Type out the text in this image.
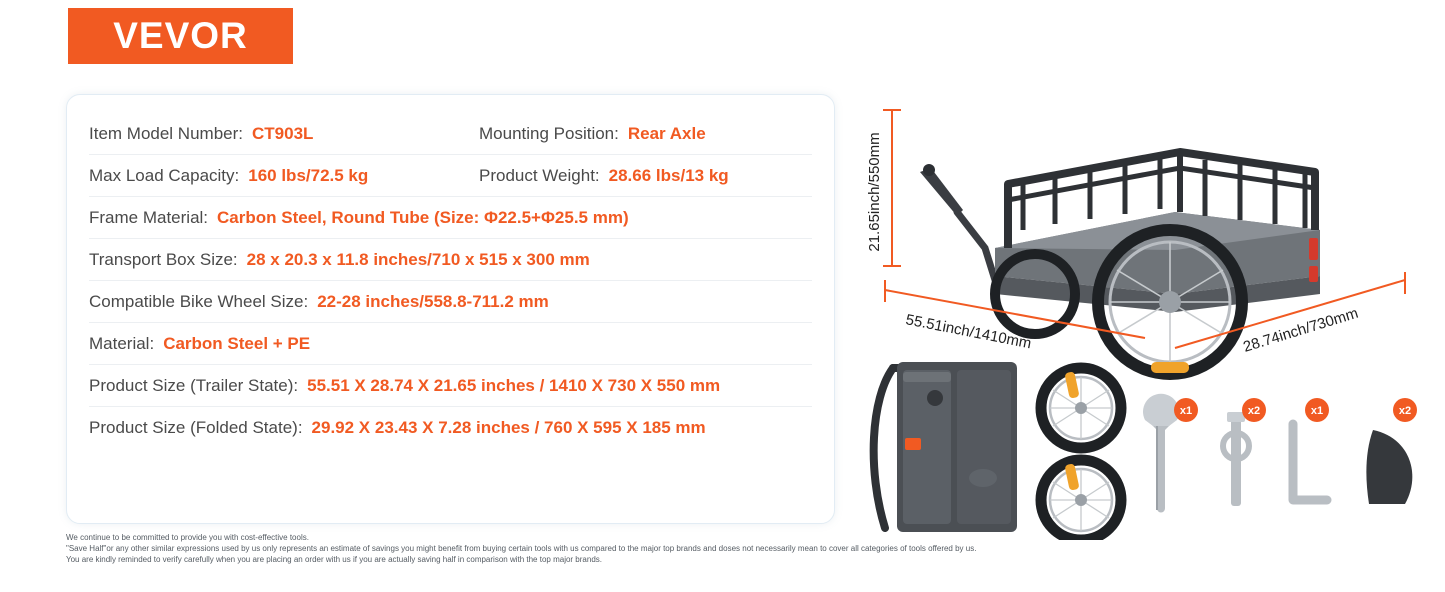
VEVOR
Item Model Number: CT903L	Mounting Position: Rear Axle
Max Load Capacity: 160 lbs/72.5 kg	Product Weight: 28.66 lbs/13 kg
Frame Material: Carbon Steel, Round Tube (Size: Φ22.5+Φ25.5 mm)
Transport Box Size: 28 x 20.3 x 11.8 inches/710 x 515 x 300 mm
Compatible Bike Wheel Size: 22-28 inches/558.8-711.2 mm
Material: Carbon Steel + PE
Product Size (Trailer State): 55.51 X 28.74 X 21.65 inches / 1410 X 730 X 550 mm
Product Size (Folded State): 29.92 X 23.43 X 7.28 inches / 760 X 595 X 185 mm
We continue to be committed to provide you with cost-effective tools.
"Save Half"or any other similar expressions used by us only represents an estimate of savings you might benefit from buying certain tools with us compared to the major top brands and doses not necessarily mean to cover all categories of tools offered by us.
You are kindly reminded to verify carefully when you are placing an order with us if you are actually saving half in comparison with the top major brands.
21.65inch/550mm
55.51inch/1410mm	28.74inch/730mm
x1	x2	x1	x2
